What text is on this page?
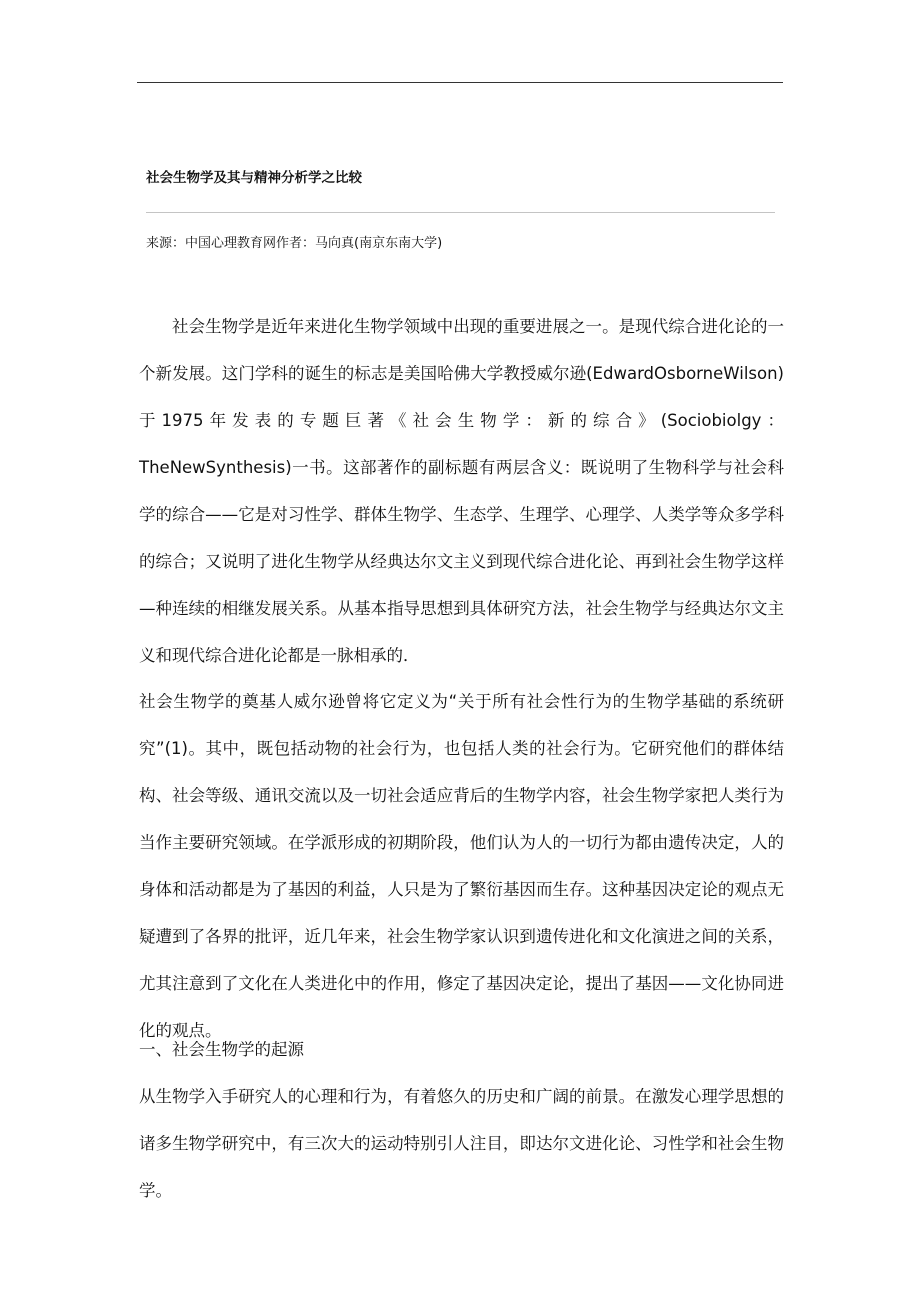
社会生物学及其与精神分析学之比较
来源：中国心理教育网作者：马向真(南京东南大学)

社会生物学是近年来进化生物学领域中出现的重要进展之一。是现代综合进化论的一个新发展。这门学科的诞生的标志是美国哈佛大学教授威尔逊(EdwardOsborneWilson)于1975年发表的专题巨著《社会生物学：新的综合》(Sociobiolgy：TheNewSynthesis)一书。这部著作的副标题有两层含义：既说明了生物科学与社会科学的综合——它是对习性学、群体生物学、生态学、生理学、心理学、人类学等众多学科的综合；又说明了进化生物学从经典达尔文主义到现代综合进化论、再到社会生物学这样—种连续的相继发展关系。从基本指导思想到具体研究方法，社会生物学与经典达尔文主义和现代综合进化论都是一脉相承的．

社会生物学的奠基人威尔逊曾将它定义为“关于所有社会性行为的生物学基础的系统研究”(1)。其中，既包括动物的社会行为，也包括人类的社会行为。它研究他们的群体结构、社会等级、通讯交流以及一切社会适应背后的生物学内容，社会生物学家把人类行为当作主要研究领域。在学派形成的初期阶段，他们认为人的一切行为都由遗传决定，人的身体和活动都是为了基因的利益，人只是为了繁衍基因而生存。这种基因决定论的观点无疑遭到了各界的批评，近几年来，社会生物学家认识到遗传进化和文化演进之间的关系，尤其注意到了文化在人类进化中的作用，修定了基因决定论，提出了基因——文化协同进化的观点。

一、社会生物学的起源

从生物学入手研究人的心理和行为，有着悠久的历史和广阔的前景。在激发心理学思想的诸多生物学研究中，有三次大的运动特别引人注目，即达尔文进化论、习性学和社会生物学。
